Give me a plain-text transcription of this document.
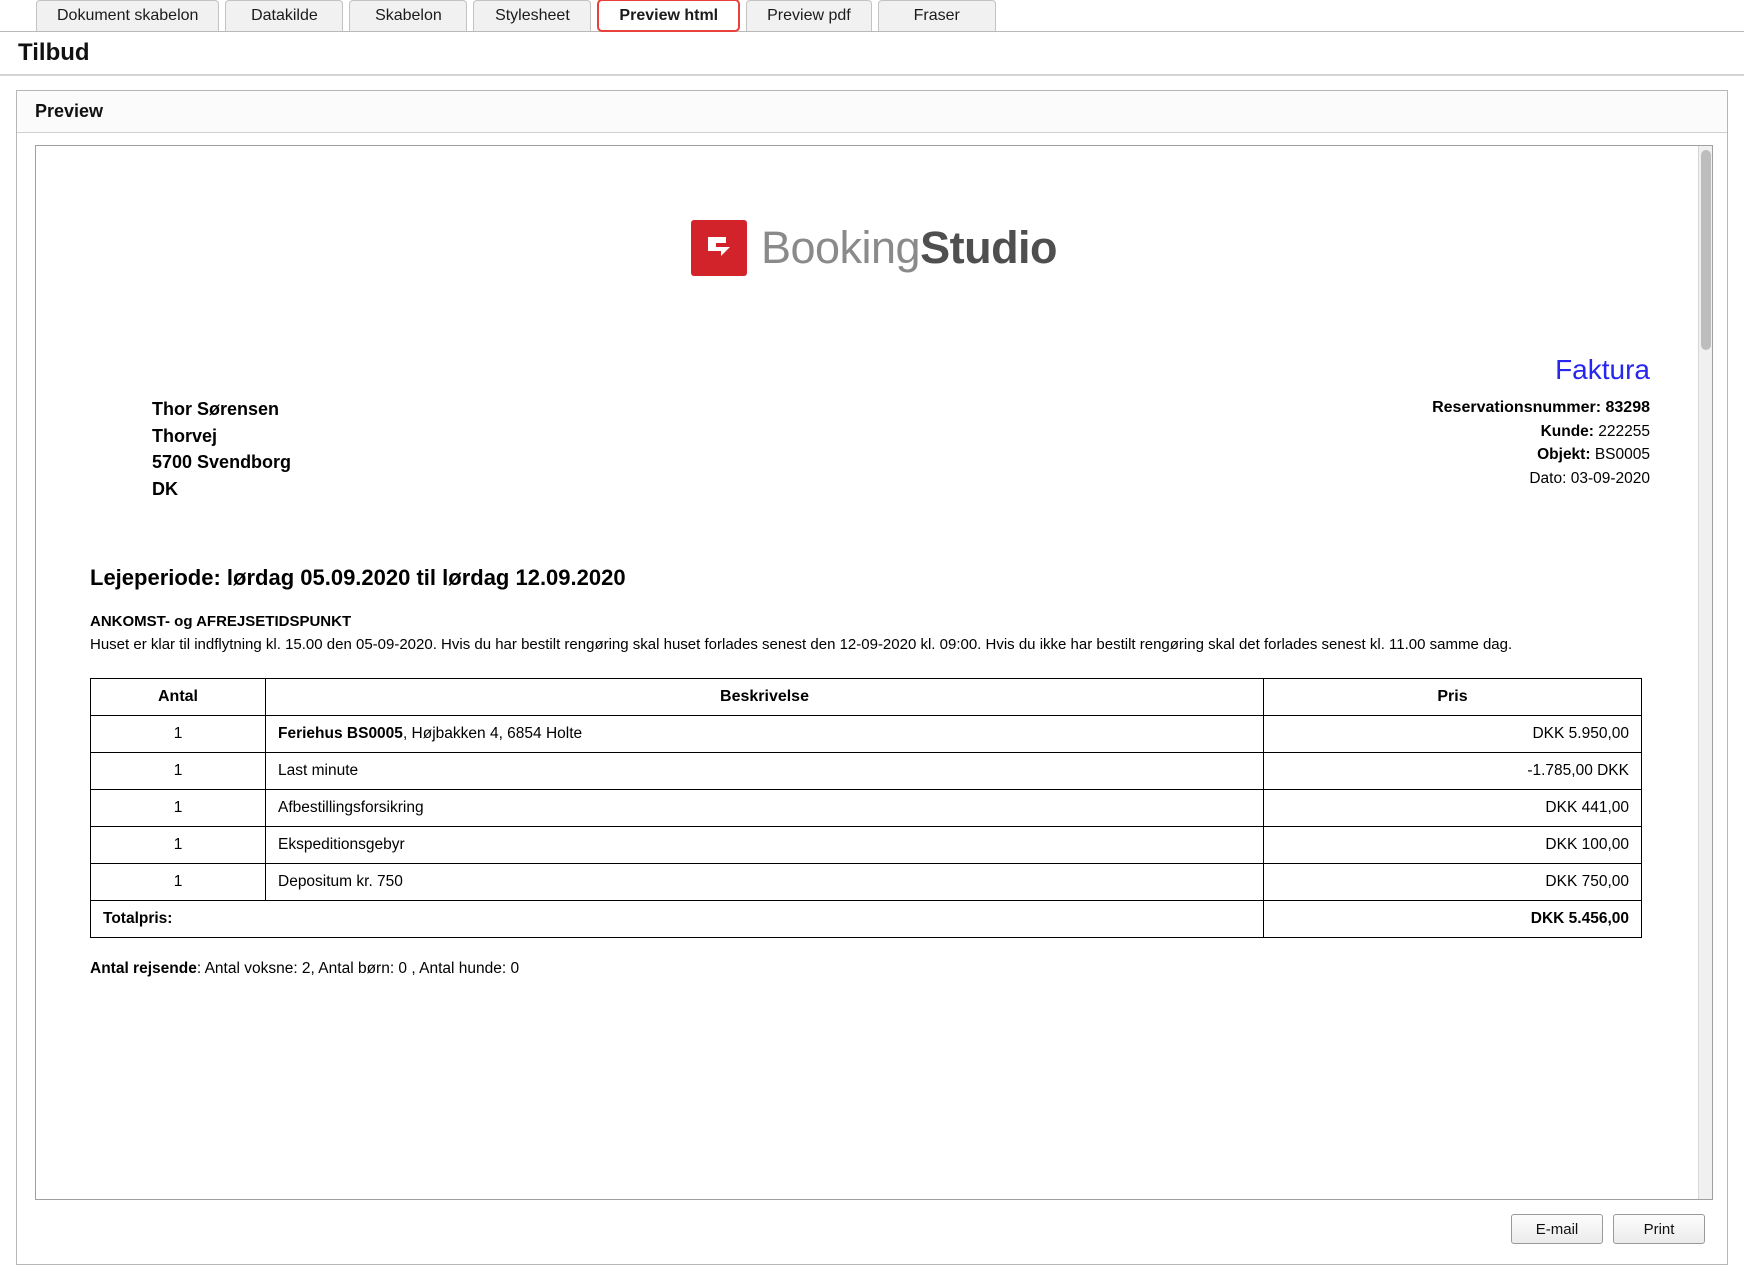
Dokument skabelon	Datakilde	Skabelon	Stylesheet	Preview html	Preview pdf	Fraser
Tilbud
Preview
BookingStudio
Faktura
Thor Sørensen
Thorvej
5700 Svendborg
DK
Reservationsnummer: 83298
Kunde: 222255
Objekt: BS0005
Dato: 03-09-2020
Lejeperiode: lørdag 05.09.2020 til lørdag 12.09.2020
ANKOMST- og AFREJSETIDSPUNKT
Huset er klar til indflytning kl. 15.00 den 05-09-2020. Hvis du har bestilt rengøring skal huset forlades senest den 12-09-2020 kl. 09:00. Hvis du ikke har bestilt rengøring skal det forlades senest kl. 11.00 samme dag.
Antal	Beskrivelse	Pris
1	Feriehus BS0005, Højbakken 4, 6854 Holte	DKK 5.950,00
1	Last minute	-1.785,00 DKK
1	Afbestillingsforsikring	DKK 441,00
1	Ekspeditionsgebyr	DKK 100,00
1	Depositum kr. 750	DKK 750,00
Totalpris:		DKK 5.456,00
Antal rejsende: Antal voksne: 2, Antal børn: 0 , Antal hunde: 0
E-mail	Print
